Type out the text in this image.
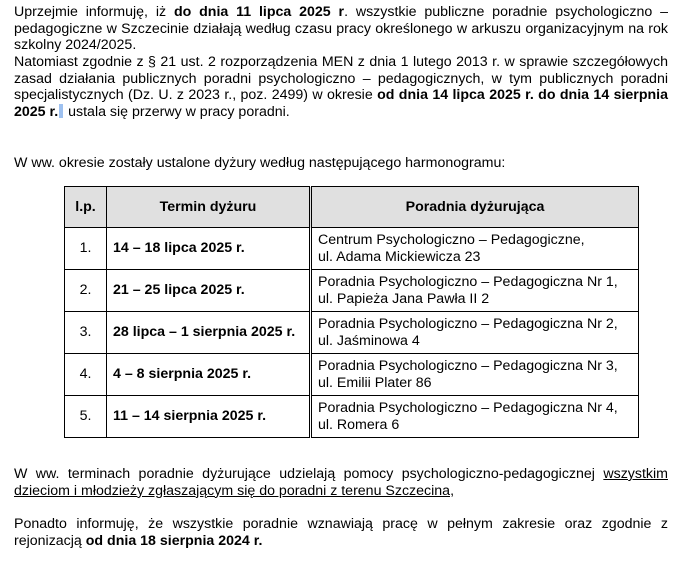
Uprzejmie informuję, iż do dnia 11 lipca 2025 r. wszystkie publiczne poradnie psychologiczno – pedagogiczne w Szczecinie działają według czasu pracy określonego w arkuszu organizacyjnym na rok szkolny 2024/2025.
Natomiast zgodnie z § 21 ust. 2 rozporządzenia MEN z dnia 1 lutego 2013 r. w sprawie szczegółowych zasad działania publicznych poradni psychologiczno – pedagogicznych, w tym publicznych poradni specjalistycznych (Dz. U. z 2023 r., poz. 2499) w okresie od dnia 14 lipca 2025 r. do dnia 14 sierpnia 2025 r. ustala się przerwy w pracy poradni.
W ww. okresie zostały ustalone dyżury według następującego harmonogramu:
l.p.	Termin dyżuru	Poradnia dyżurująca
1.	14 – 18 lipca 2025 r.	Centrum Psychologiczno – Pedagogiczne,
ul. Adama Mickiewicza 23

2.	21 – 25 lipca 2025 r.	Poradnia Psychologiczno – Pedagogiczna Nr 1,
ul. Papieża Jana Pawła II 2

3.	28 lipca – 1 sierpnia 2025 r.	Poradnia Psychologiczno – Pedagogiczna Nr 2,
ul. Jaśminowa 4

4.	4 – 8 sierpnia 2025 r.	Poradnia Psychologiczno – Pedagogiczna Nr 3,
ul. Emilii Plater 86

5.	11 – 14 sierpnia 2025 r.	Poradnia Psychologiczno – Pedagogiczna Nr 4,
ul. Romera 6
W ww. terminach poradnie dyżurujące udzielają pomocy psychologiczno-pedagogicznej wszystkim dzieciom i młodzieży zgłaszającym się do poradni z terenu Szczecina,
Ponadto informuję, że wszystkie poradnie wznawiają pracę w pełnym zakresie oraz zgodnie z rejonizacją od dnia 18 sierpnia 2024 r.
